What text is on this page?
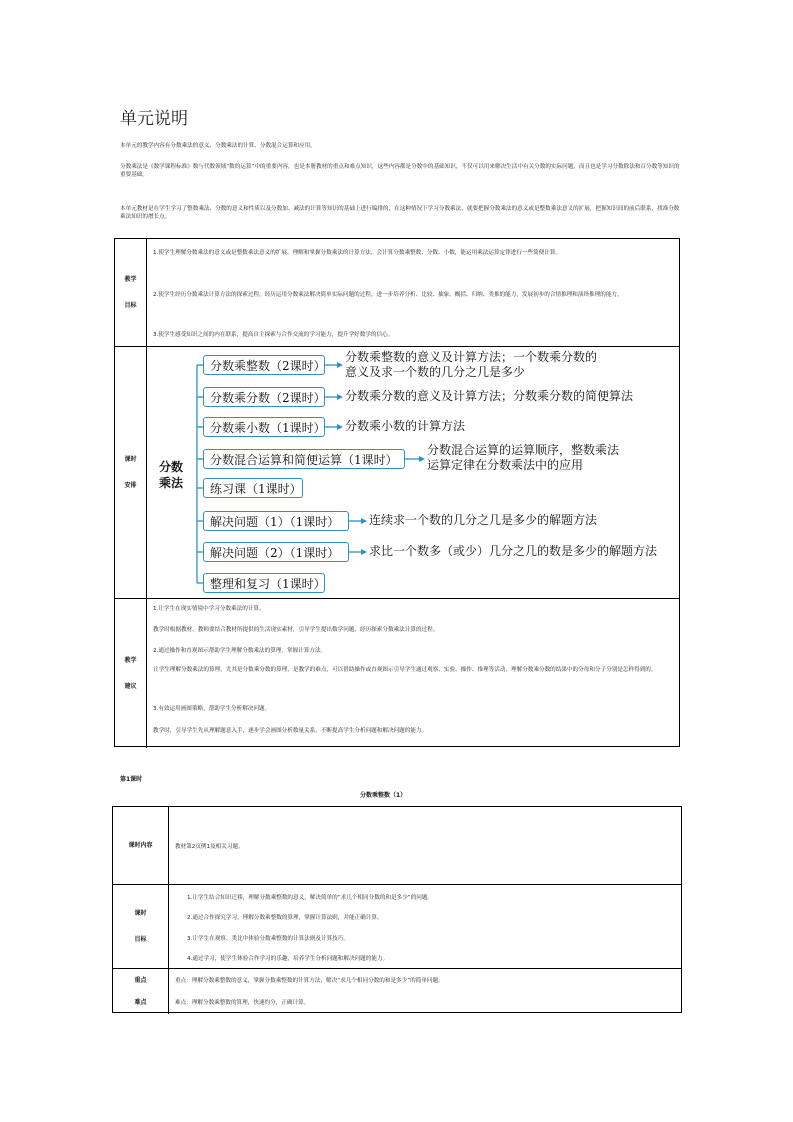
单元说明
本单元的教学内容有分数乘法的意义、分数乘法的计算、分数混合运算和应用。
分数乘法是《数学课程标准》数与代数领域“数的运算”中的重要内容，也是本册教材的重点和难点知识，这些内容都是分数中的基础知识，不仅可以用来解决生活中有关分数的实际问题，而且也是学习分数除法和百分数等知识的重要基础。
本单元教材是在学生学习了整数乘法、分数的意义和性质以及分数加、减法的计算等知识的基础上进行编排的，在这种情况下学习分数乘法，就要把握分数乘法的意义或是整数乘法意义的扩展，把握知识间的前后联系，找准分数乘法知识的增长点。
教学
目标
1.使学生理解分数乘法的意义或是整数乘法意义的扩展，理解和掌握分数乘法的计算方法，会计算分数乘整数、分数、小数，能运用乘法运算定律进行一些简便计算。
2.使学生经历分数乘法计算方法的探索过程，经历运用分数乘法解决简单实际问题的过程，进一步培养分析、比较、抽象、概括、归纳、类推的能力，发展初步的合情推理和演绎推理的能力。
3.使学生感受知识之间的内在联系，提高自主探索与合作交流的学习能力，提升学好数学的信心。
课时
安排
分数
乘法
分数乘整数（2课时）
分数乘分数（2课时）
分数乘小数（1课时）
分数混合运算和简便运算（1课时）
练习课（1课时）
解决问题（1）（1课时）
解决问题（2）（1课时）
整理和复习（1课时）
分数乘整数的意义及计算方法；一个数乘分数的
意义及求一个数的几分之几是多少
分数乘分数的意义及计算方法；分数乘分数的简便算法
分数乘小数的计算方法
分数混合运算的运算顺序，整数乘法
运算定律在分数乘法中的应用
连续求一个数的几分之几是多少的解题方法
求比一个数多（或少）几分之几的数是多少的解题方法
教学
建议
1.让学生在现实情境中学习分数乘法的计算。
教学时根据教材，教师要结合教材所提供的生活现实素材，引导学生提出数学问题，经历探索分数乘法计算的过程。
2.通过操作和直观图示帮助学生理解分数乘法的算理，掌握计算方法。
让学生理解分数乘法的算理，尤其是分数乘分数的算理，是教学的难点，可以借助操作或直观图示引导学生通过观察、实验、操作、推理等活动，理解分数乘分数的结果中的分母和分子分别是怎样得到的。
3.有效运用画图策略，帮助学生分析解决问题。
教学时，引导学生先从理解题意入手，逐步学会画图分析数量关系，不断提高学生分析问题和解决问题的能力。
第1课时
分数乘整数（1）
课时内容	教材第2页例1及相关习题。
课时
目标
1.让学生结合知识迁移，理解分数乘整数的意义，解决简单的“求几个相同分数的和是多少”的问题。
2.通过合作探究学习，理解分数乘整数的算理，掌握计算法则，并能正确计算。
3.让学生在观察、类比中体验分数乘整数的计算法则及计算技巧。
4.通过学习，使学生体验合作学习的乐趣，培养学生分析问题和解决问题的能力。
重点
难点
重点：理解分数乘整数的意义，掌握分数乘整数的计算方法，解决“求几个相同分数的和是多少”的简单问题。
难点：理解分数乘整数的算理，快速约分，正确计算。
